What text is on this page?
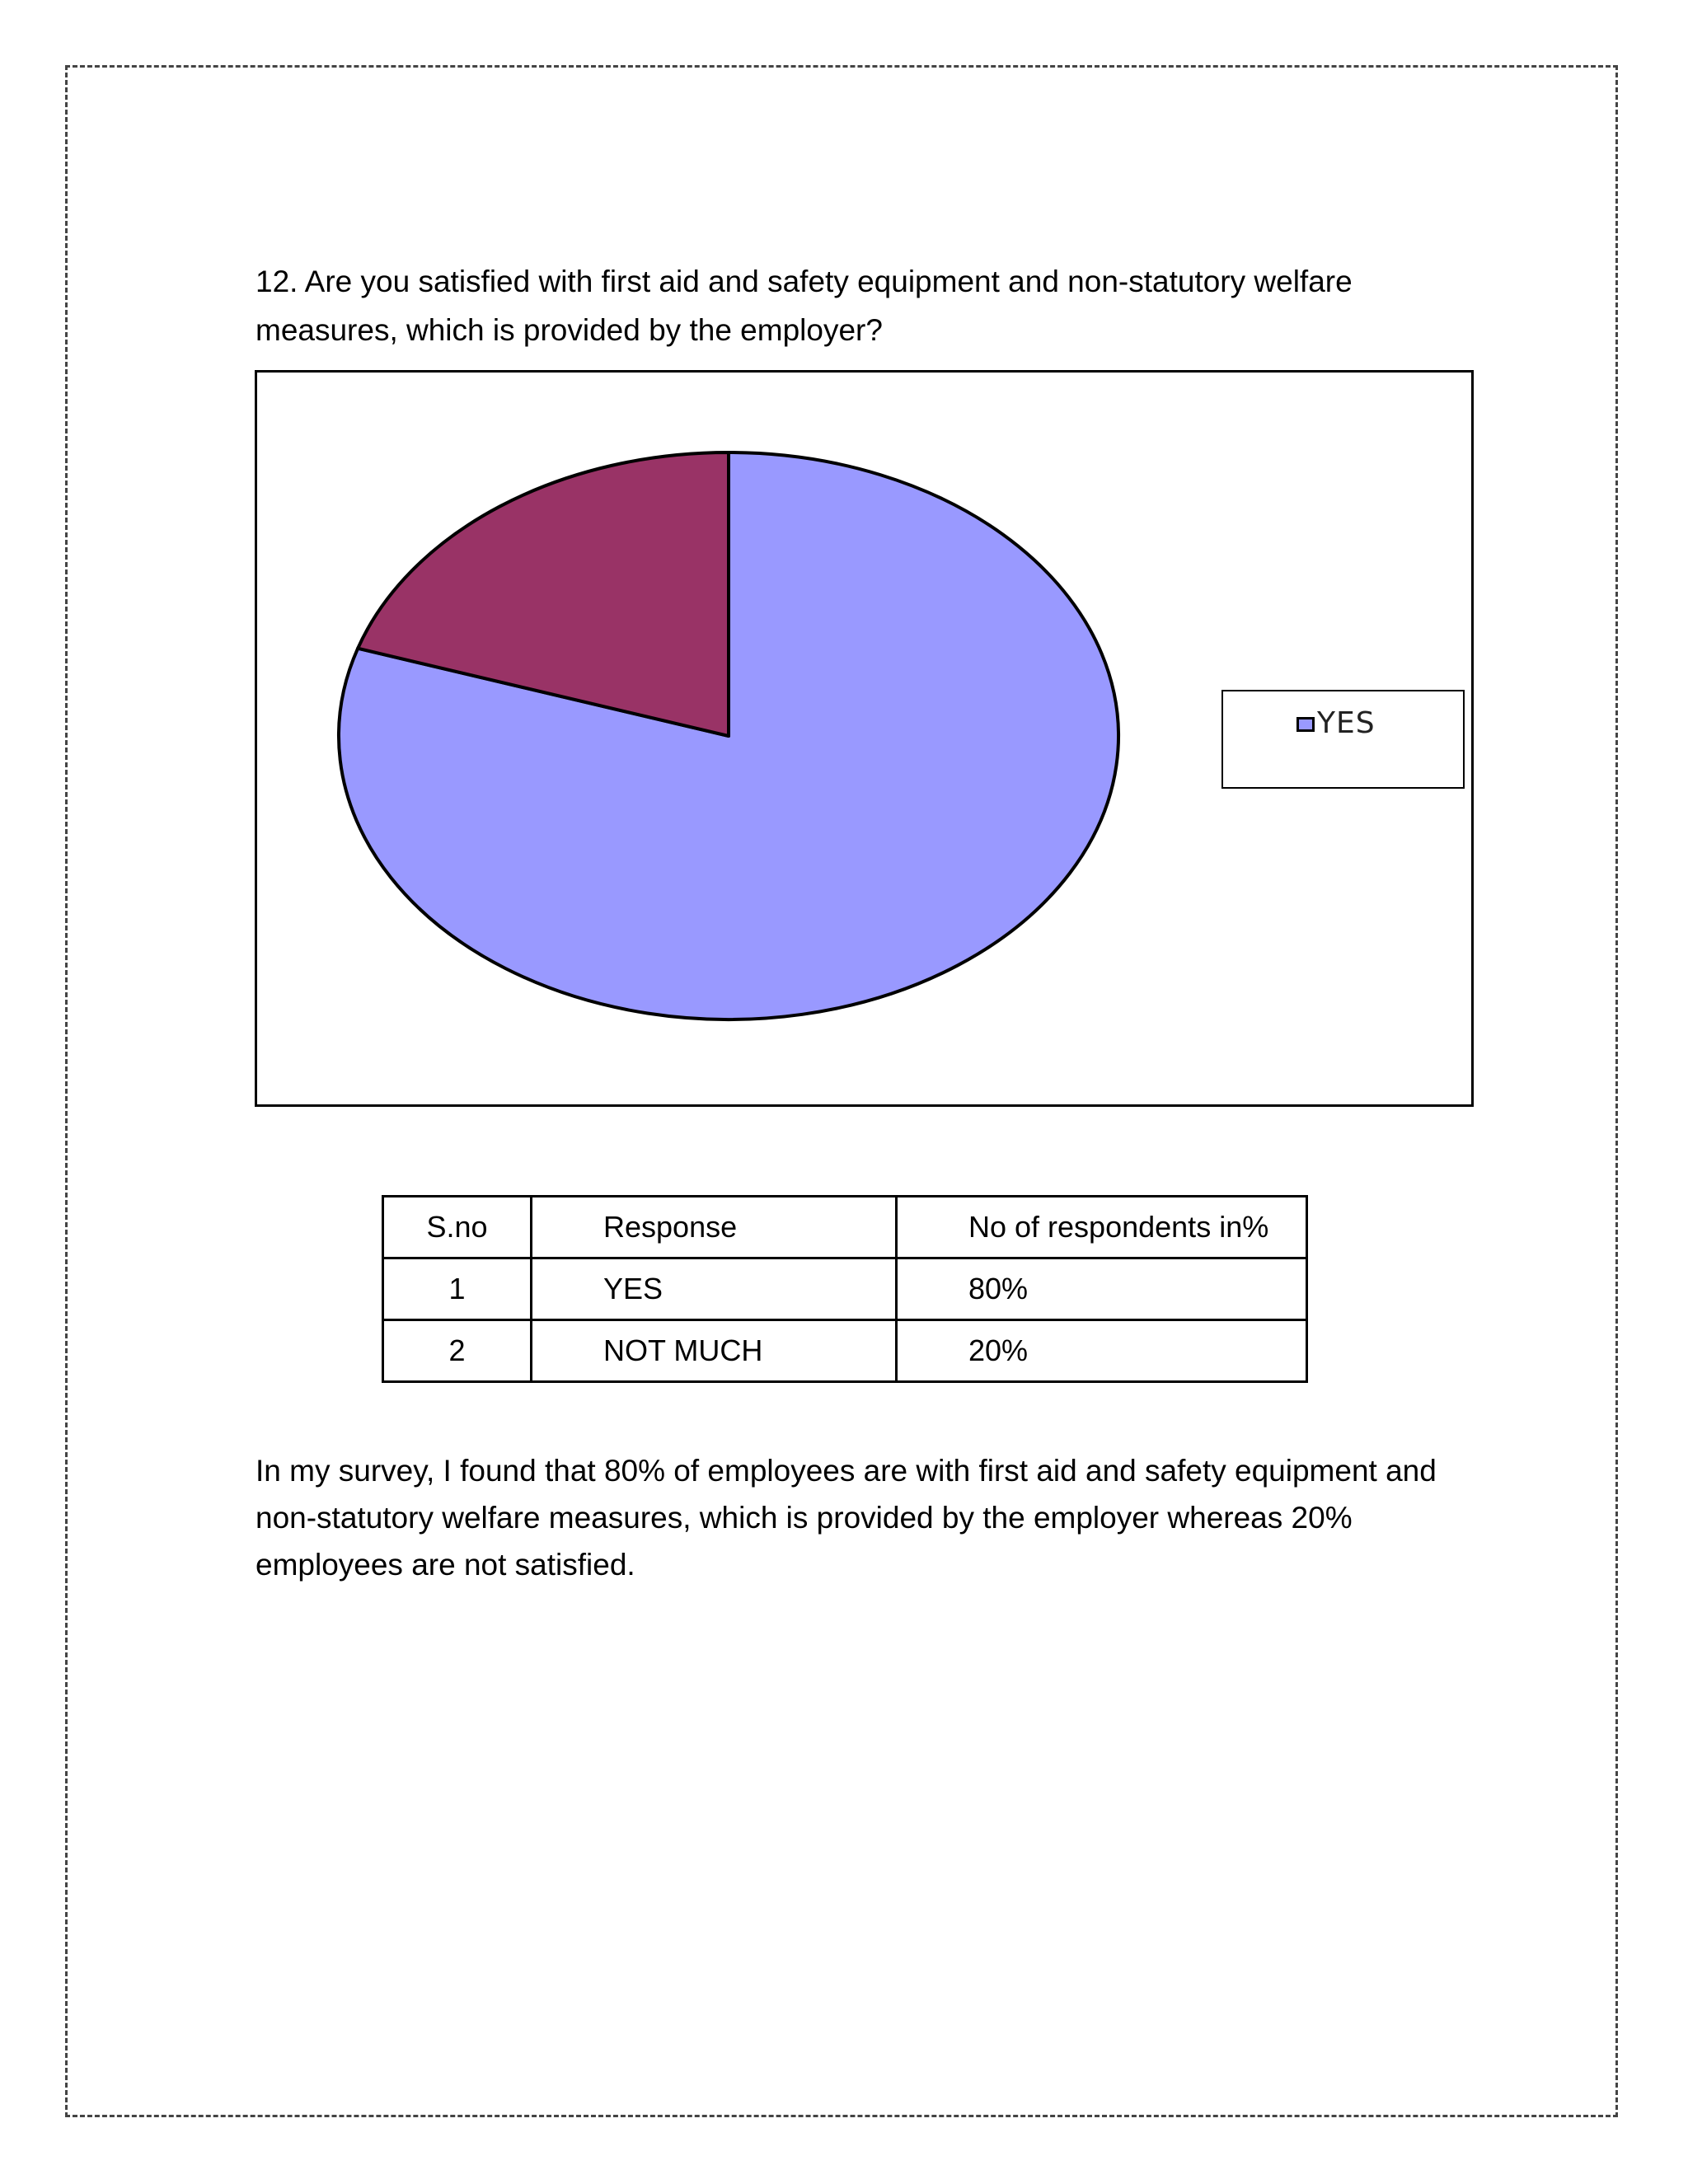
12. Are you satisfied with first aid and safety equipment and non-statutory welfare measures, which is provided by the employer?

YES
S.no	Response	No of respondents in%
1	YES	80%
2	NOT MUCH	20%

In my survey, I found that 80% of employees are with first aid and safety equipment and non-statutory welfare measures, which is provided by the employer whereas 20% employees are not satisfied.
